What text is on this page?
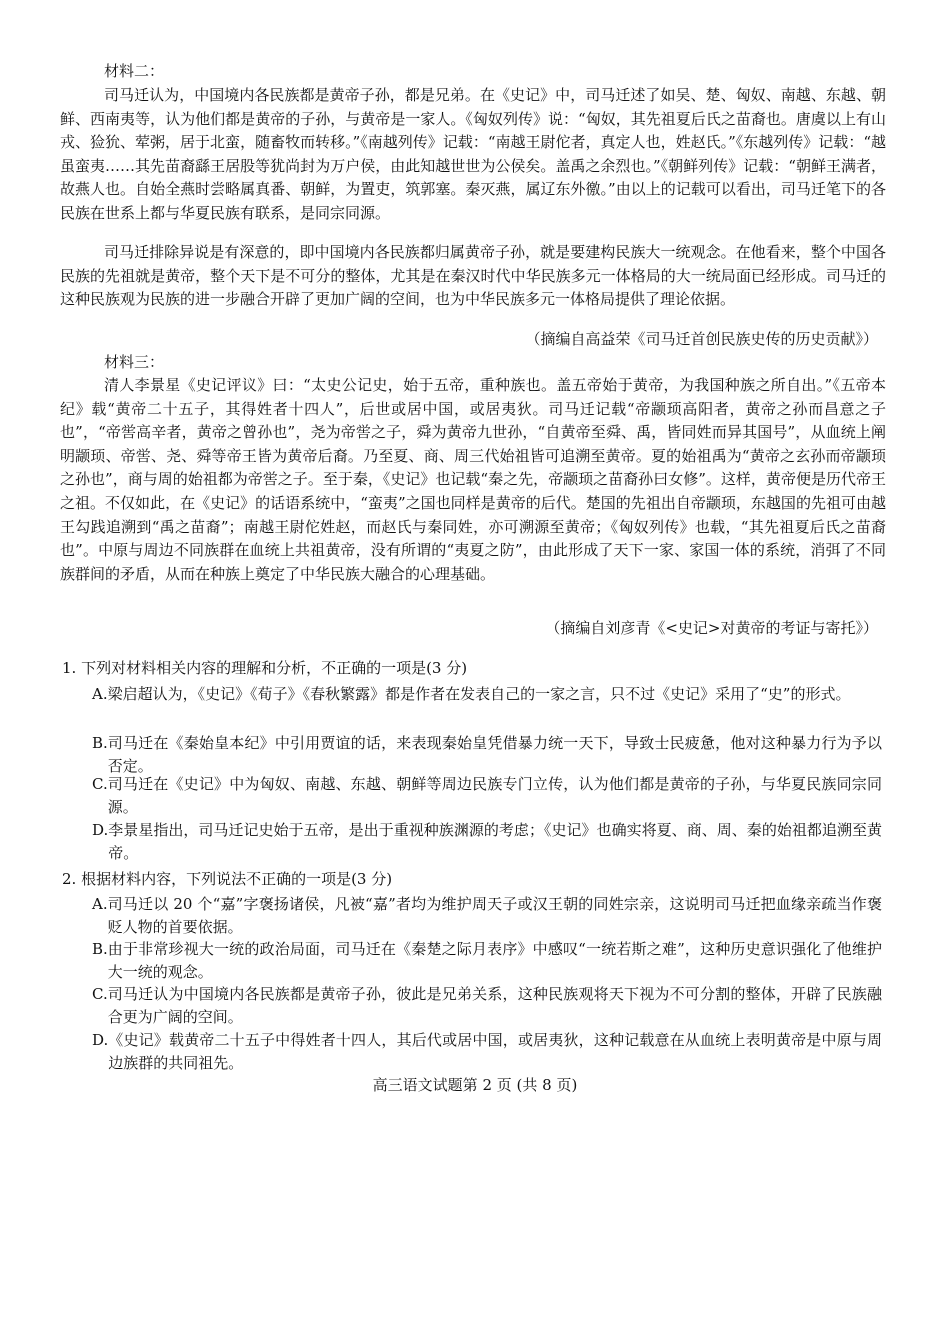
材料二：
司马迁认为，中国境内各民族都是黄帝子孙，都是兄弟。在《史记》中，司马迁述了如吴、楚、匈奴、南越、东越、朝鲜、西南夷等，认为他们都是黄帝的子孙，与黄帝是一家人。《匈奴列传》说：“匈奴，其先祖夏后氏之苗裔也。唐虞以上有山戎、猃狁、荤粥，居于北蛮，随畜牧而转移。”《南越列传》记载：“南越王尉佗者，真定人也，姓赵氏。”《东越列传》记载：“越虽蛮夷……其先苗裔繇王居股等犹尚封为万户侯，由此知越世世为公侯矣。盖禹之余烈也。”《朝鲜列传》记载：“朝鲜王满者，故燕人也。自始全燕时尝略属真番、朝鲜，为置吏，筑郭塞。秦灭燕，属辽东外徼。”由以上的记载可以看出，司马迁笔下的各民族在世系上都与华夏民族有联系，是同宗同源。
司马迁排除异说是有深意的，即中国境内各民族都归属黄帝子孙，就是要建构民族大一统观念。在他看来，整个中国各民族的先祖就是黄帝，整个天下是不可分的整体，尤其是在秦汉时代中华民族多元一体格局的大一统局面已经形成。司马迁的这种民族观为民族的进一步融合开辟了更加广阔的空间，也为中华民族多元一体格局提供了理论依据。
（摘编自高益荣《司马迁首创民族史传的历史贡献》）
材料三：
清人李景星《史记评议》曰：“太史公记史，始于五帝，重种族也。盖五帝始于黄帝，为我国种族之所自出。”《五帝本纪》载“黄帝二十五子，其得姓者十四人”，后世或居中国，或居夷狄。司马迁记载“帝颛顼高阳者，黄帝之孙而昌意之子也”，“帝喾高辛者，黄帝之曾孙也”，尧为帝喾之子，舜为黄帝九世孙，“自黄帝至舜、禹，皆同姓而异其国号”，从血统上阐明颛顼、帝喾、尧、舜等帝王皆为黄帝后裔。乃至夏、商、周三代始祖皆可追溯至黄帝。夏的始祖禹为“黄帝之玄孙而帝颛顼之孙也”，商与周的始祖都为帝喾之子。至于秦，《史记》也记载“秦之先，帝颛顼之苗裔孙曰女修”。这样，黄帝便是历代帝王之祖。不仅如此，在《史记》的话语系统中，“蛮夷”之国也同样是黄帝的后代。楚国的先祖出自帝颛顼，东越国的先祖可由越王勾践追溯到“禹之苗裔”；南越王尉佗姓赵，而赵氏与秦同姓，亦可溯源至黄帝；《匈奴列传》也载，“其先祖夏后氏之苗裔也”。中原与周边不同族群在血统上共祖黄帝，没有所谓的“夷夏之防”，由此形成了天下一家、家国一体的系统，消弭了不同族群间的矛盾，从而在种族上奠定了中华民族大融合的心理基础。
（摘编自刘彦青《<史记>对黄帝的考证与寄托》）
1. 下列对材料相关内容的理解和分析，不正确的一项是(3 分)
A. 梁启超认为，《史记》《荀子》《春秋繁露》都是作者在发表自己的一家之言，只不过《史记》采用了“史”的形式。
B. 司马迁在《秦始皇本纪》中引用贾谊的话，来表现秦始皇凭借暴力统一天下，导致士民疲惫，他对这种暴力行为予以否定。
C. 司马迁在《史记》中为匈奴、南越、东越、朝鲜等周边民族专门立传，认为他们都是黄帝的子孙，与华夏民族同宗同源。
D. 李景星指出，司马迁记史始于五帝，是出于重视种族渊源的考虑；《史记》也确实将夏、商、周、秦的始祖都追溯至黄帝。
2. 根据材料内容，下列说法不正确的一项是(3 分)
A. 司马迁以 20 个“嘉”字褒扬诸侯，凡被“嘉”者均为维护周天子或汉王朝的同姓宗亲，这说明司马迁把血缘亲疏当作褒贬人物的首要依据。
B. 由于非常珍视大一统的政治局面，司马迁在《秦楚之际月表序》中感叹“一统若斯之难”，这种历史意识强化了他维护大一统的观念。
C. 司马迁认为中国境内各民族都是黄帝子孙，彼此是兄弟关系，这种民族观将天下视为不可分割的整体，开辟了民族融合更为广阔的空间。
D. 《史记》载黄帝二十五子中得姓者十四人，其后代或居中国，或居夷狄，这种记载意在从血统上表明黄帝是中原与周边族群的共同祖先。
高三语文试题第 2 页 (共 8 页)
